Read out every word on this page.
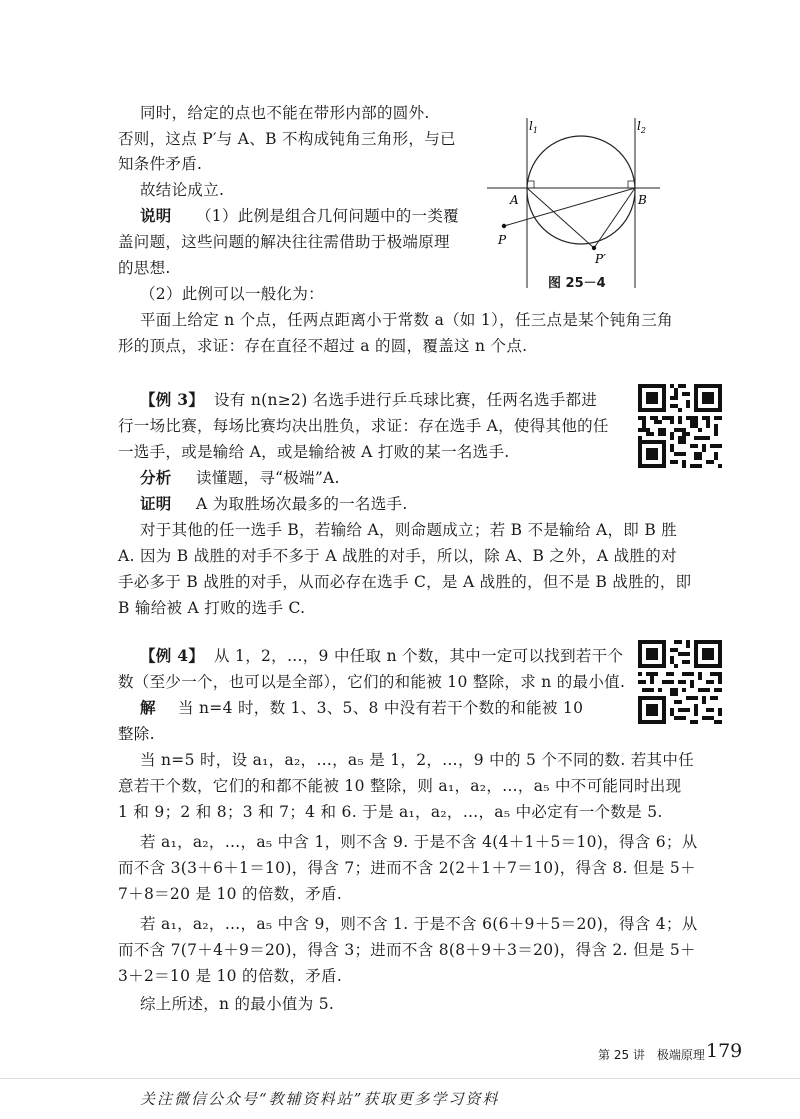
同时，给定的点也不能在带形内部的圆外.
否则，这点 P′与 A、B 不构成钝角三角形，与已
知条件矛盾.
故结论成立.
说明 （1）此例是组合几何问题中的一类覆
盖问题，这些问题的解决往往需借助于极端原理
的思想.
（2）此例可以一般化为：
平面上给定 n 个点，任两点距离小于常数 a（如 1），任三点是某个钝角三角
形的顶点，求证：存在直径不超过 a 的圆，覆盖这 n 个点.
$l_1$	$l_2$
A	B
P
P′
图 25－4
【例 3】 设有 n(n≥2) 名选手进行乒乓球比赛，任两名选手都进
行一场比赛，每场比赛均决出胜负，求证：存在选手 A，使得其他的任
一选手，或是输给 A，或是输给被 A 打败的某一名选手.
分析 读懂题，寻“极端”A.
证明 A 为取胜场次最多的一名选手.
对于其他的任一选手 B，若输给 A，则命题成立；若 B 不是输给 A，即 B 胜
A. 因为 B 战胜的对手不多于 A 战胜的对手，所以，除 A、B 之外，A 战胜的对
手必多于 B 战胜的对手，从而必存在选手 C，是 A 战胜的，但不是 B 战胜的，即
B 输给被 A 打败的选手 C.
【例 4】 从 1，2，…，9 中任取 n 个数，其中一定可以找到若干个
数（至少一个，也可以是全部），它们的和能被 10 整除，求 n 的最小值.
解 当 n=4 时，数 1、3、5、8 中没有若干个数的和能被 10
整除.
当 n=5 时，设 a₁，a₂，…，a₅ 是 1，2，…，9 中的 5 个不同的数. 若其中任
意若干个数，它们的和都不能被 10 整除，则 a₁，a₂，…，a₅ 中不可能同时出现
1 和 9；2 和 8；3 和 7；4 和 6. 于是 a₁，a₂，…，a₅ 中必定有一个数是 5.
若 a₁，a₂，…，a₅ 中含 1，则不含 9. 于是不含 4(4＋1＋5＝10)，得含 6；从
而不含 3(3＋6＋1＝10)，得含 7；进而不含 2(2＋1＋7＝10)，得含 8. 但是 5＋
7＋8＝20 是 10 的倍数，矛盾.
若 a₁，a₂，…，a₅ 中含 9，则不含 1. 于是不含 6(6＋9＋5＝20)，得含 4；从
而不含 7(7＋4＋9＝20)，得含 3；进而不含 8(8＋9＋3＝20)，得含 2. 但是 5＋
3＋2＝10 是 10 的倍数，矛盾.
综上所述，n 的最小值为 5.
第 25 讲　极端原理 179
关注微信公众号“教辅资料站”获取更多学习资料
